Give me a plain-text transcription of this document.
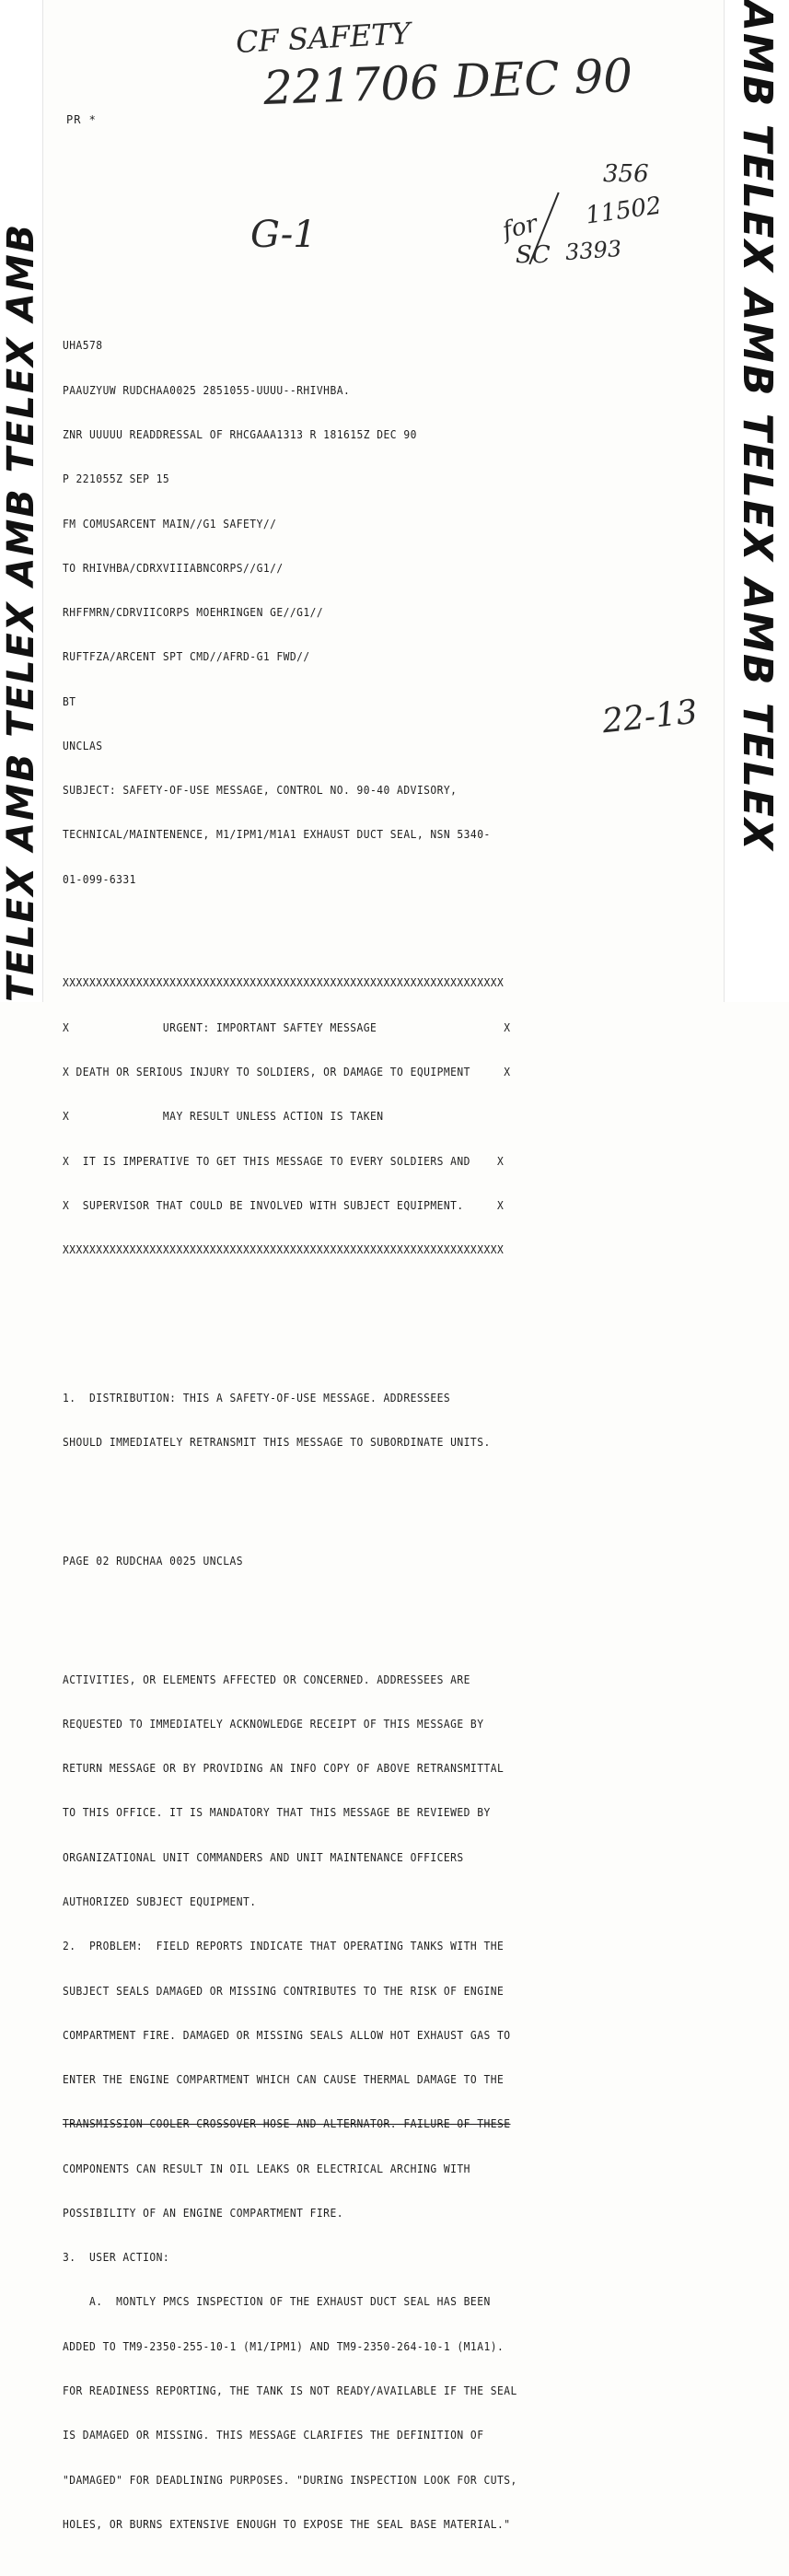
TELEX AMB TELEX AMB TELEX AMB	AMB TELEX AMB TELEX AMB TELEX
CF SAFETY
221706 DEC 90
G-1
356
11502
for
SC 3393
22-13
PR *

UHA578

PAAUZYUW RUDCHAA0025 2851055-UUUU--RHIVHBA.

ZNR UUUUU READDRESSAL OF RHCGAAA1313 R 181615Z DEC 90

P 221055Z SEP 15

FM COMUSARCENT MAIN//G1 SAFETY//

TO RHIVHBA/CDRXVIIIABNCORPS//G1//

RHFFMRN/CDRVIICORPS MOEHRINGEN GE//G1//

RUFTFZA/ARCENT SPT CMD//AFRD-G1 FWD//

BT

UNCLAS

SUBJECT: SAFETY-OF-USE MESSAGE, CONTROL NO. 90-40 ADVISORY,

TECHNICAL/MAINTENENCE, M1/IPM1/M1A1 EXHAUST DUCT SEAL, NSN 5340-

01-099-6331

XXXXXXXXXXXXXXXXXXXXXXXXXXXXXXXXXXXXXXXXXXXXXXXXXXXXXXXXXXXXXXXXXX

X              URGENT: IMPORTANT SAFTEY MESSAGE                   X

X DEATH OR SERIOUS INJURY TO SOLDIERS, OR DAMAGE TO EQUIPMENT     X

X              MAY RESULT UNLESS ACTION IS TAKEN

X  IT IS IMPERATIVE TO GET THIS MESSAGE TO EVERY SOLDIERS AND    X

X  SUPERVISOR THAT COULD BE INVOLVED WITH SUBJECT EQUIPMENT.     X

XXXXXXXXXXXXXXXXXXXXXXXXXXXXXXXXXXXXXXXXXXXXXXXXXXXXXXXXXXXXXXXXXX

1.  DISTRIBUTION: THIS A SAFETY-OF-USE MESSAGE. ADDRESSEES

SHOULD IMMEDIATELY RETRANSMIT THIS MESSAGE TO SUBORDINATE UNITS.

PAGE 02 RUDCHAA 0025 UNCLAS

ACTIVITIES, OR ELEMENTS AFFECTED OR CONCERNED. ADDRESSEES ARE

REQUESTED TO IMMEDIATELY ACKNOWLEDGE RECEIPT OF THIS MESSAGE BY

RETURN MESSAGE OR BY PROVIDING AN INFO COPY OF ABOVE RETRANSMITTAL

TO THIS OFFICE. IT IS MANDATORY THAT THIS MESSAGE BE REVIEWED BY

ORGANIZATIONAL UNIT COMMANDERS AND UNIT MAINTENANCE OFFICERS

AUTHORIZED SUBJECT EQUIPMENT.

2.  PROBLEM:  FIELD REPORTS INDICATE THAT OPERATING TANKS WITH THE

SUBJECT SEALS DAMAGED OR MISSING CONTRIBUTES TO THE RISK OF ENGINE

COMPARTMENT FIRE. DAMAGED OR MISSING SEALS ALLOW HOT EXHAUST GAS TO

ENTER THE ENGINE COMPARTMENT WHICH CAN CAUSE THERMAL DAMAGE TO THE

TRANSMISSION COOLER CROSSOVER HOSE AND ALTERNATOR. FAILURE OF THESE

COMPONENTS CAN RESULT IN OIL LEAKS OR ELECTRICAL ARCHING WITH

POSSIBILITY OF AN ENGINE COMPARTMENT FIRE.

3.  USER ACTION:

A.  MONTLY PMCS INSPECTION OF THE EXHAUST DUCT SEAL HAS BEEN

ADDED TO TM9-2350-255-10-1 (M1/IPM1) AND TM9-2350-264-10-1 (M1A1).

FOR READINESS REPORTING, THE TANK IS NOT READY/AVAILABLE IF THE SEAL

IS DAMAGED OR MISSING. THIS MESSAGE CLARIFIES THE DEFINITION OF

"DAMAGED" FOR DEADLINING PURPOSES. "DURING INSPECTION LOOK FOR CUTS,

HOLES, OR BURNS EXTENSIVE ENOUGH TO EXPOSE THE SEAL BASE MATERIAL."
